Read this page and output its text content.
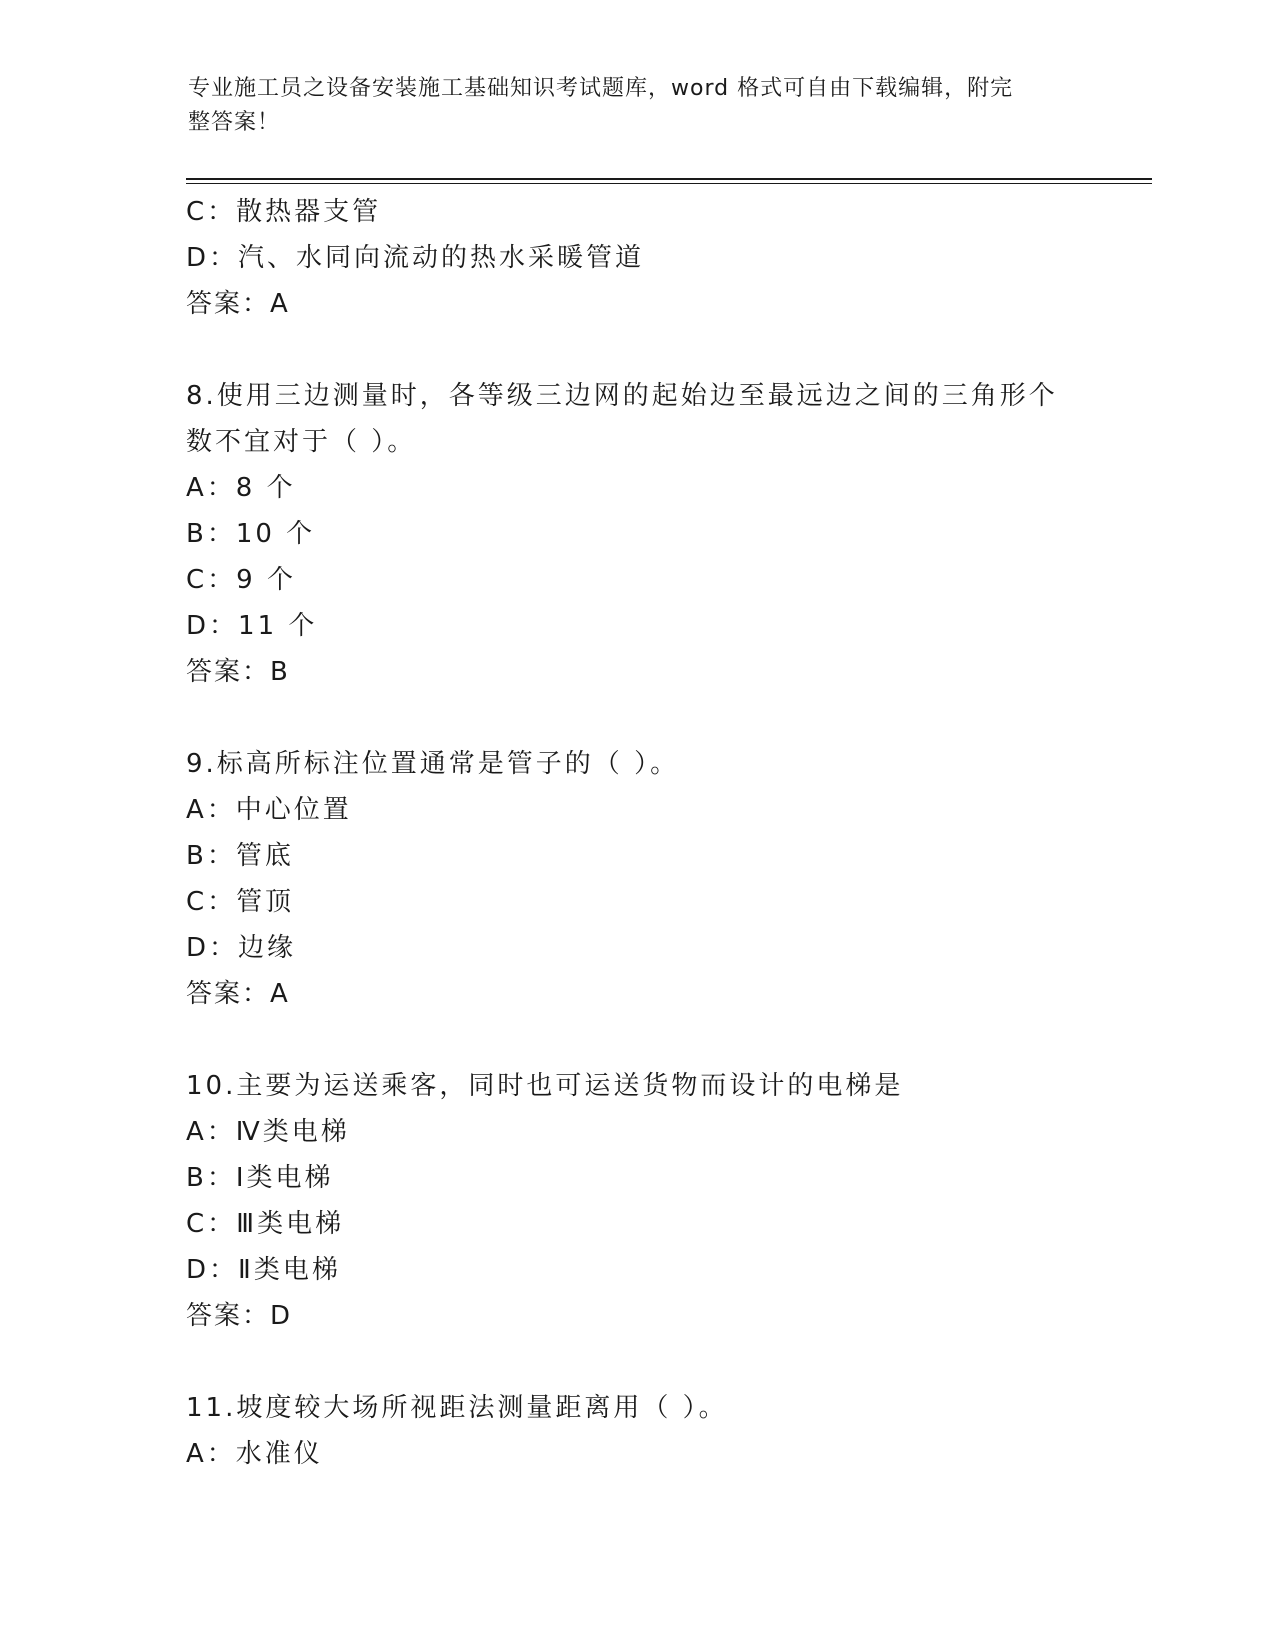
专业施工员之设备安装施工基础知识考试题库，word 格式可自由下载编辑，附完
整答案！
C：散热器支管
D：汽、水同向流动的热水采暖管道
答案：A
8.使用三边测量时，各等级三边网的起始边至最远边之间的三角形个
数不宜对于（ ）。
A：8 个
B：10 个
C：9 个
D：11 个
答案：B
9.标高所标注位置通常是管子的（ ）。
A：中心位置
B：管底
C：管顶
D：边缘
答案：A
10.主要为运送乘客，同时也可运送货物而设计的电梯是
A：Ⅳ类电梯
B：Ⅰ类电梯
C：Ⅲ类电梯
D：Ⅱ类电梯
答案：D
11.坡度较大场所视距法测量距离用（ ）。
A：水准仪
